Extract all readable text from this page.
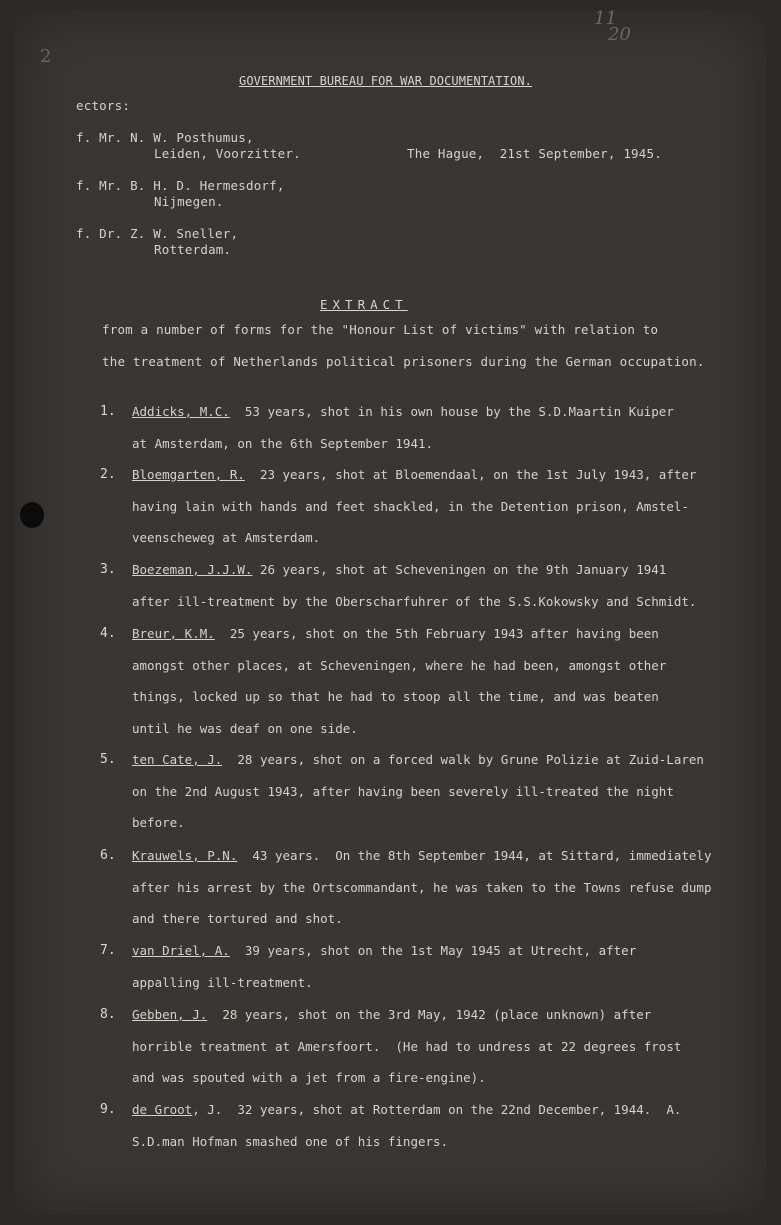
2
11
20
GOVERNMENT BUREAU FOR WAR DOCUMENTATION.
ectors:
f. Mr. N. W. Posthumus,
Leiden, Voorzitter.	The Hague,  21st September, 1945.
f. Mr. B. H. D. Hermesdorf,
Nijmegen.
f. Dr. Z. W. Sneller,
Rotterdam.
EXTRACT
from a number of forms for the "Honour List of victims" with relation to
the treatment of Netherlands political prisoners during the German occupation.
1. Addicks, M.C.  53 years, shot in his own house by the S.D.Maartin Kuiper
at Amsterdam, on the 6th September 1941.
2. Bloemgarten, R.  23 years, shot at Bloemendaal, on the 1st July 1943, after
having lain with hands and feet shackled, in the Detention prison, Amstel-
veenscheweg at Amsterdam.
3. Boezeman, J.J.W. 26 years, shot at Scheveningen on the 9th January 1941
after ill-treatment by the Oberscharfuhrer of the S.S.Kokowsky and Schmidt.
4. Breur, K.M.  25 years, shot on the 5th February 1943 after having been
amongst other places, at Scheveningen, where he had been, amongst other
things, locked up so that he had to stoop all the time, and was beaten
until he was deaf on one side.
5. ten Cate, J.  28 years, shot on a forced walk by Grune Polizie at Zuid-Laren
on the 2nd August 1943, after having been severely ill-treated the night
before.
6. Krauwels, P.N.  43 years.  On the 8th September 1944, at Sittard, immediately
after his arrest by the Ortscommandant, he was taken to the Towns refuse dump
and there tortured and shot.
7. van Driel, A.  39 years, shot on the 1st May 1945 at Utrecht, after
appalling ill-treatment.
8. Gebben, J.  28 years, shot on the 3rd May, 1942 (place unknown) after
horrible treatment at Amersfoort.  (He had to undress at 22 degrees frost
and was spouted with a jet from a fire-engine).
9. de Groot, J.  32 years, shot at Rotterdam on the 22nd December, 1944.  A.
S.D.man Hofman smashed one of his fingers.
